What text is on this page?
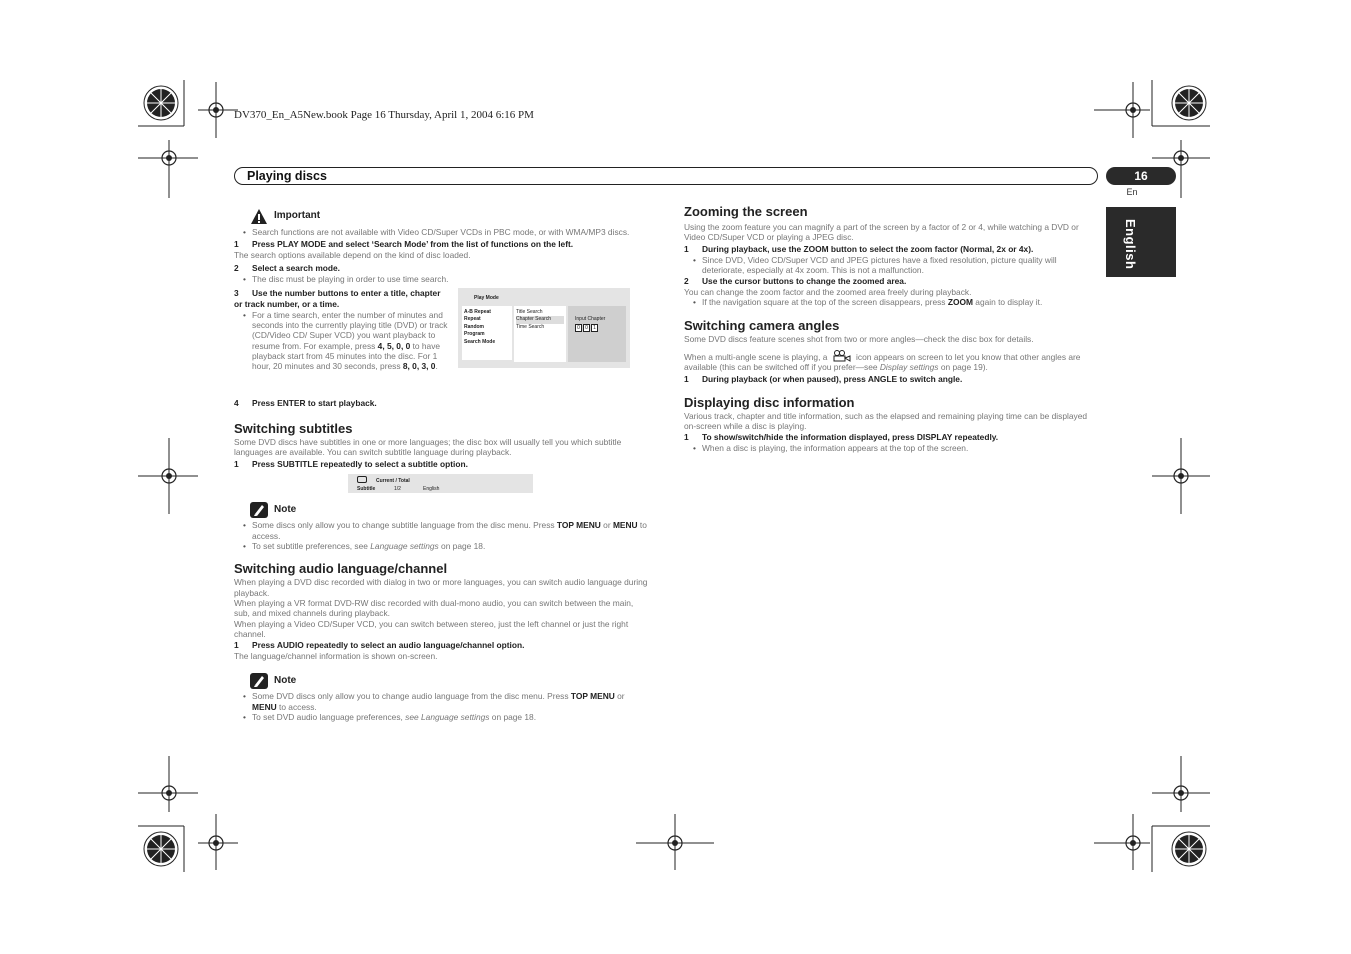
DV370_En_A5New.book Page 16 Thursday, April 1, 2004 6:16 PM
Playing discs	16
En
English
Important
• Search functions are not available with Video CD/Super VCDs in PBC mode, or with WMA/MP3 discs.
1 Press PLAY MODE and select ‘Search Mode’ from the list of functions on the left.
The search options available depend on the kind of disc loaded.
2 Select a search mode.
• The disc must be playing in order to use time search.
3 Use the number buttons to enter a title, chapter or track number, or a time.
• For a time search, enter the number of minutes and seconds into the currently playing title (DVD) or track (CD/Video CD/ Super VCD) you want playback to resume from. For example, press 4, 5, 0, 0 to have playback start from 45 minutes into the disc. For 1 hour, 20 minutes and 30 seconds, press 8, 0, 3, 0.
Play Mode
A-B Repeat
Repeat
Random
Program
Search Mode
Title Search
Chapter Search
Time Search
Input Chapter
0	0	1
4 Press ENTER to start playback.
Switching subtitles
Some DVD discs have subtitles in one or more languages; the disc box will usually tell you which subtitle languages are available. You can switch subtitle language during playback.
1 Press SUBTITLE repeatedly to select a subtitle option.
Current / Total
Subtitle	1/2	English
Note
• Some discs only allow you to change subtitle language from the disc menu. Press TOP MENU or MENU to access.
• To set subtitle preferences, see Language settings on page 18.
Switching audio language/channel
When playing a DVD disc recorded with dialog in two or more languages, you can switch audio language during playback.
When playing a VR format DVD-RW disc recorded with dual-mono audio, you can switch between the main, sub, and mixed channels during playback.
When playing a Video CD/Super VCD, you can switch between stereo, just the left channel or just the right channel.
1 Press AUDIO repeatedly to select an audio language/channel option.
The language/channel information is shown on-screen.
Note
• Some DVD discs only allow you to change audio language from the disc menu. Press TOP MENU or MENU to access.
• To set DVD audio language preferences, see Language settings on page 18.
Zooming the screen
Using the zoom feature you can magnify a part of the screen by a factor of 2 or 4, while watching a DVD or Video CD/Super VCD or playing a JPEG disc.
1 During playback, use the ZOOM button to select the zoom factor (Normal, 2x or 4x).
• Since DVD, Video CD/Super VCD and JPEG pictures have a fixed resolution, picture quality will deteriorate, especially at 4x zoom. This is not a malfunction.
2 Use the cursor buttons to change the zoomed area.
You can change the zoom factor and the zoomed area freely during playback.
• If the navigation square at the top of the screen disappears, press ZOOM again to display it.
Switching camera angles
Some DVD discs feature scenes shot from two or more angles—check the disc box for details.
When a multi-angle scene is playing, a	icon appears on screen to let you know that other angles are available (this can be switched off if you prefer—see Display settings on page 19).
1 During playback (or when paused), press ANGLE to switch angle.
Displaying disc information
Various track, chapter and title information, such as the elapsed and remaining playing time can be displayed on-screen while a disc is playing.
1 To show/switch/hide the information displayed, press DISPLAY repeatedly.
• When a disc is playing, the information appears at the top of the screen.
